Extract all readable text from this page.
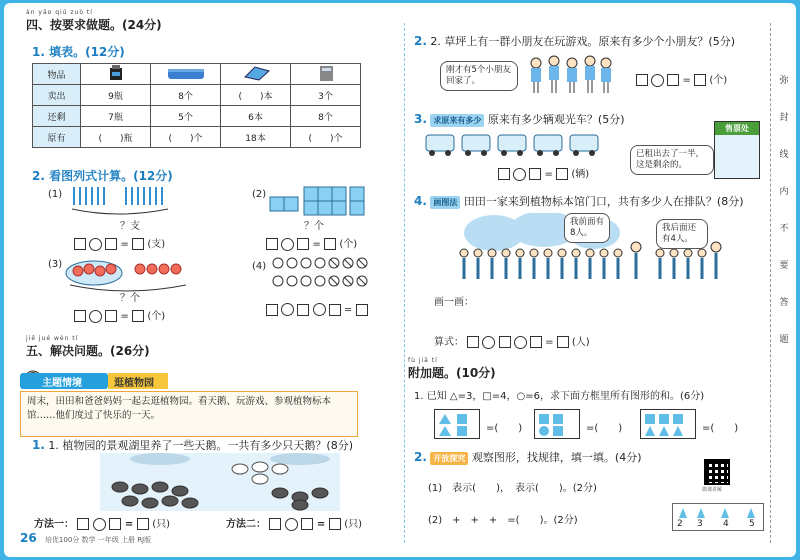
àn yāo qiú zuò tí
四、按要求做题。(24分)
1. 填表。(12分)
物品				
卖出	9瓶	8个	(　　)本	3个
还剩	7瓶	5个	6本	8个
原有	(　　)瓶	(　　)个	18本	(　　)个
2. 看图列式计算。(12分)
(1)
？支
=  (支)
(2)
？个
=  (个)
(3)
？个
=  (个)
(4)
=
jiě jué wèn tí
五、解决问题。(26分)
主题情境	逛植物园
周末，田田和爸爸妈妈一起去逛植物园。看天鹅、玩游戏、参观植物标本馆……他们度过了快乐的一天。
1. 1. 植物园的景观湖里养了一些天鹅。一共有多少只天鹅？(8分)
方法一：	=  (只)	方法二：	=  (只)
26 培优100分 数学 一年级 上册 RJ版
2. 2. 草坪上有一群小朋友在玩游戏。原来有多少个小朋友？(5分)
刚才有5个小朋友回家了。	=  (个)
3. 求原来有多少 原来有多少辆观光车？(5分)
售票处
已租出去了一半，这是剩余的。
=  (辆)
4. 画图法 田田一家来到植物标本馆门口，共有多少人在排队？(8分)
我前面有8人。	我后面还有4人。
画一画：
算式：	=  (人)
fù jiā tí
附加题。(10分)
1. 已知 △=3，□=4，○=6，求下面方框里所有图形的和。(6分)
=(　　)	=(　　)	=(　　)
2. 开放探究 观察图形，找规律，填一填。(4分)
(1)　表示(　　)，　表示(　　)。(2分)
(2)　+　+　+　=(　　)。(2分)
微课讲解
2 3 4 5
弥
封
线
内
不
要
答
题
